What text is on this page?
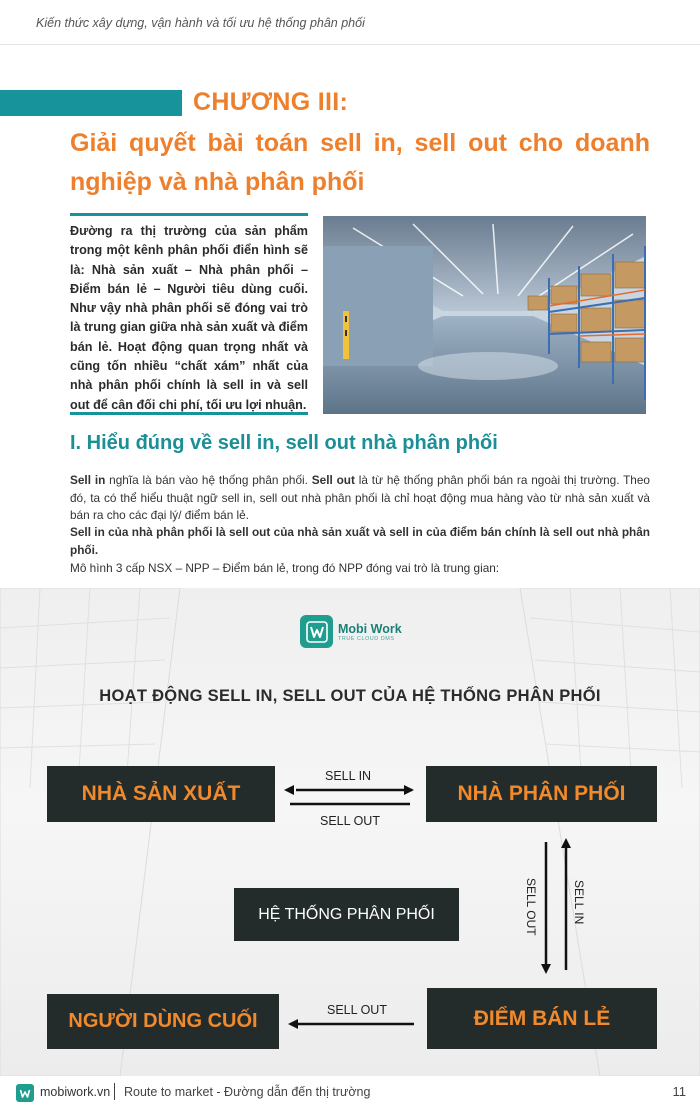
Kiến thức xây dựng, vận hành và tối ưu hệ thống phân phối
CHƯƠNG III:
Giải quyết bài toán sell in, sell out cho doanh nghiệp và nhà phân phối

Đường ra thị trường của sản phẩm trong một kênh phân phối điển hình sẽ là: Nhà sản xuất – Nhà phân phối – Điểm bán lẻ – Người tiêu dùng cuối. Như vậy nhà phân phối sẽ đóng vai trò là trung gian giữa nhà sản xuất và điểm bán lẻ. Hoạt động quan trọng nhất và cũng tốn nhiều “chất xám” nhất của nhà phân phối chính là sell in và sell out để cân đối chi phí, tối ưu lợi nhuận.

I. Hiểu đúng về sell in, sell out nhà phân phối

Sell in nghĩa là bán vào hệ thống phân phối. Sell out là từ hệ thống phân phối bán ra ngoài thị trường. Theo đó, ta có thể hiểu thuật ngữ sell in, sell out nhà phân phối là chỉ hoạt động mua hàng vào từ nhà sản xuất và bán ra cho các đại lý/ điểm bán lẻ.

Sell in của nhà phân phối là sell out của nhà sản xuất và sell in của điểm bán chính là sell out nhà phân phối.

Mô hình 3 cấp NSX – NPP – Điểm bán lẻ, trong đó NPP đóng vai trò là trung gian:

Mobi Work
TRUE CLOUD DMS
HOẠT ĐỘNG SELL IN, SELL OUT CỦA HỆ THỐNG PHÂN PHỐI
NHÀ SẢN XUẤT	NHÀ PHÂN PHỐI
HỆ THỐNG PHÂN PHỐI
NGƯỜI DÙNG CUỐI	ĐIỂM BÁN LẺ
SELL IN
SELL OUT
SELL OUT	SELL IN
SELL OUT
mobiwork.vn Route to market - Đường dẫn đến thị trường	11
